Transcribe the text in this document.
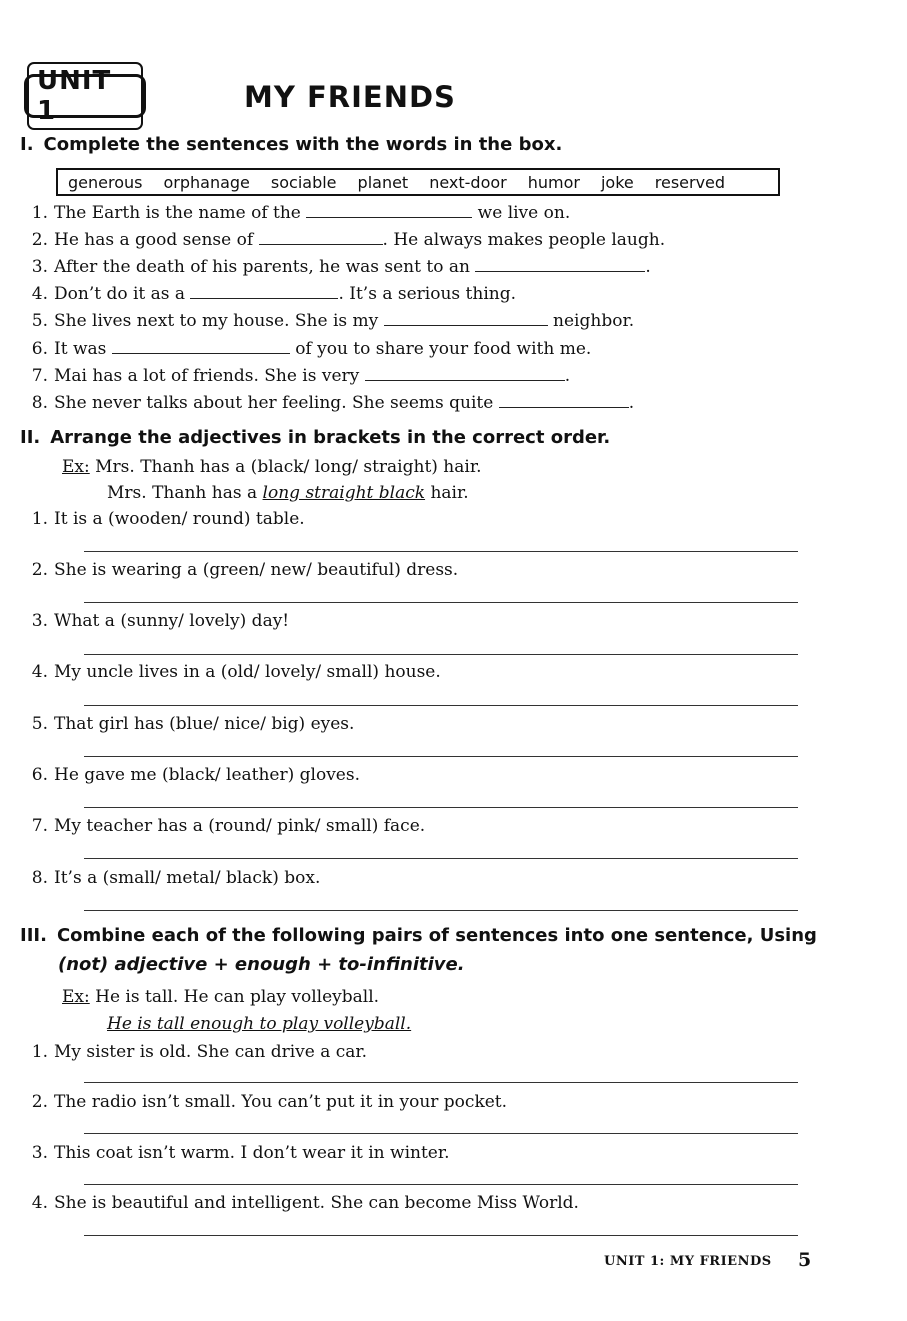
UNIT 1	MY FRIENDS
I. Complete the sentences with the words in the box.
generous orphanage sociable planet next-door humor joke reserved
1. The Earth is the name of the	we live on.
2. He has a good sense of	. He always makes people laugh.
3. After the death of his parents, he was sent to an	.
4. Don’t do it as a	. It’s a serious thing.
5. She lives next to my house. She is my	neighbor.
6. It was	of you to share your food with me.
7. Mai has a lot of friends. She is very	.
8. She never talks about her feeling. She seems quite	.
II. Arrange the adjectives in brackets in the correct order.
Ex: Mrs. Thanh has a (black/ long/ straight) hair.
Mrs. Thanh has a long straight black hair.
1. It is a (wooden/ round) table.
2. She is wearing a (green/ new/ beautiful) dress.
3. What a (sunny/ lovely) day!
4. My uncle lives in a (old/ lovely/ small) house.
5. That girl has (blue/ nice/ big) eyes.
6. He gave me (black/ leather) gloves.
7. My teacher has a (round/ pink/ small) face.
8. It’s a (small/ metal/ black) box.
III. Combine each of the following pairs of sentences into one sentence, Using
(not) adjective + enough + to-infinitive.
Ex: He is tall. He can play volleyball.
He is tall enough to play volleyball.
1. My sister is old. She can drive a car.
2. The radio isn’t small. You can’t put it in your pocket.
3. This coat isn’t warm. I don’t wear it in winter.
4. She is beautiful and intelligent. She can become Miss World.
UNIT 1: MY FRIENDS 5
